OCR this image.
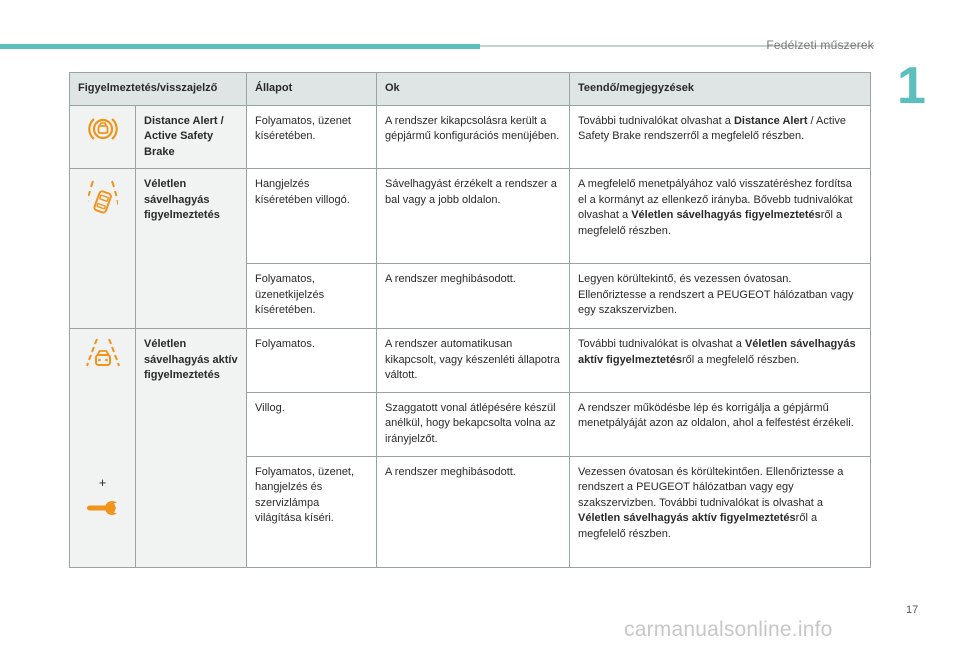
Fedélzeti műszerek
1
Figyelmeztetés/visszajelző		Állapot	Ok	Teendő/megjegyzések

	Distance Alert / Active Safety Brake	Folyamatos, üzenet kíséretében.	A rendszer kikapcsolásra került a gépjármű konfigurációs menüjében.	További tudnivalókat olvashat a Distance Alert / Active Safety Brake rendszerről a megfelelő részben.

	Véletlen sávelhagyás figyelmeztetés	Hangjelzés kíséretében villogó.	Sávelhagyást érzékelt a rendszer a bal vagy a jobb oldalon.	A megfelelő menetpályához való visszatéréshez fordítsa el a kormányt az ellenkező irányba. Bővebb tudnivalókat olvashat a Véletlen sávelhagyás figyelmeztetésről a megfelelő részben.
		Folyamatos, üzenetkijelzés kíséretében.	A rendszer meghibásodott.	Legyen körültekintő, és vezessen óvatosan. Ellenőriztesse a rendszert a PEUGEOT hálózatban vagy egy szakszervizben.

+	Véletlen sávelhagyás aktív figyelmeztetés	Folyamatos.	A rendszer automatikusan kikapcsolt, vagy készenléti állapotra váltott.	További tudnivalókat is olvashat a Véletlen sávelhagyás aktív figyelmeztetésről a megfelelő részben.
		Villog.	Szaggatott vonal átlépésére készül anélkül, hogy bekapcsolta volna az irányjelzőt.	A rendszer működésbe lép és korrigálja a gépjármű menetpályáját azon az oldalon, ahol a felfestést érzékeli.
		Folyamatos, üzenet, hangjelzés és szervizlámpa világítása kíséri.	A rendszer meghibásodott.	Vezessen óvatosan és körültekintően. Ellenőriztesse a rendszert a PEUGEOT hálózatban vagy egy szakszervizben. További tudnivalókat is olvashat a Véletlen sávelhagyás aktív figyelmeztetésről a megfelelő részben.
17
carmanualsonline.info
